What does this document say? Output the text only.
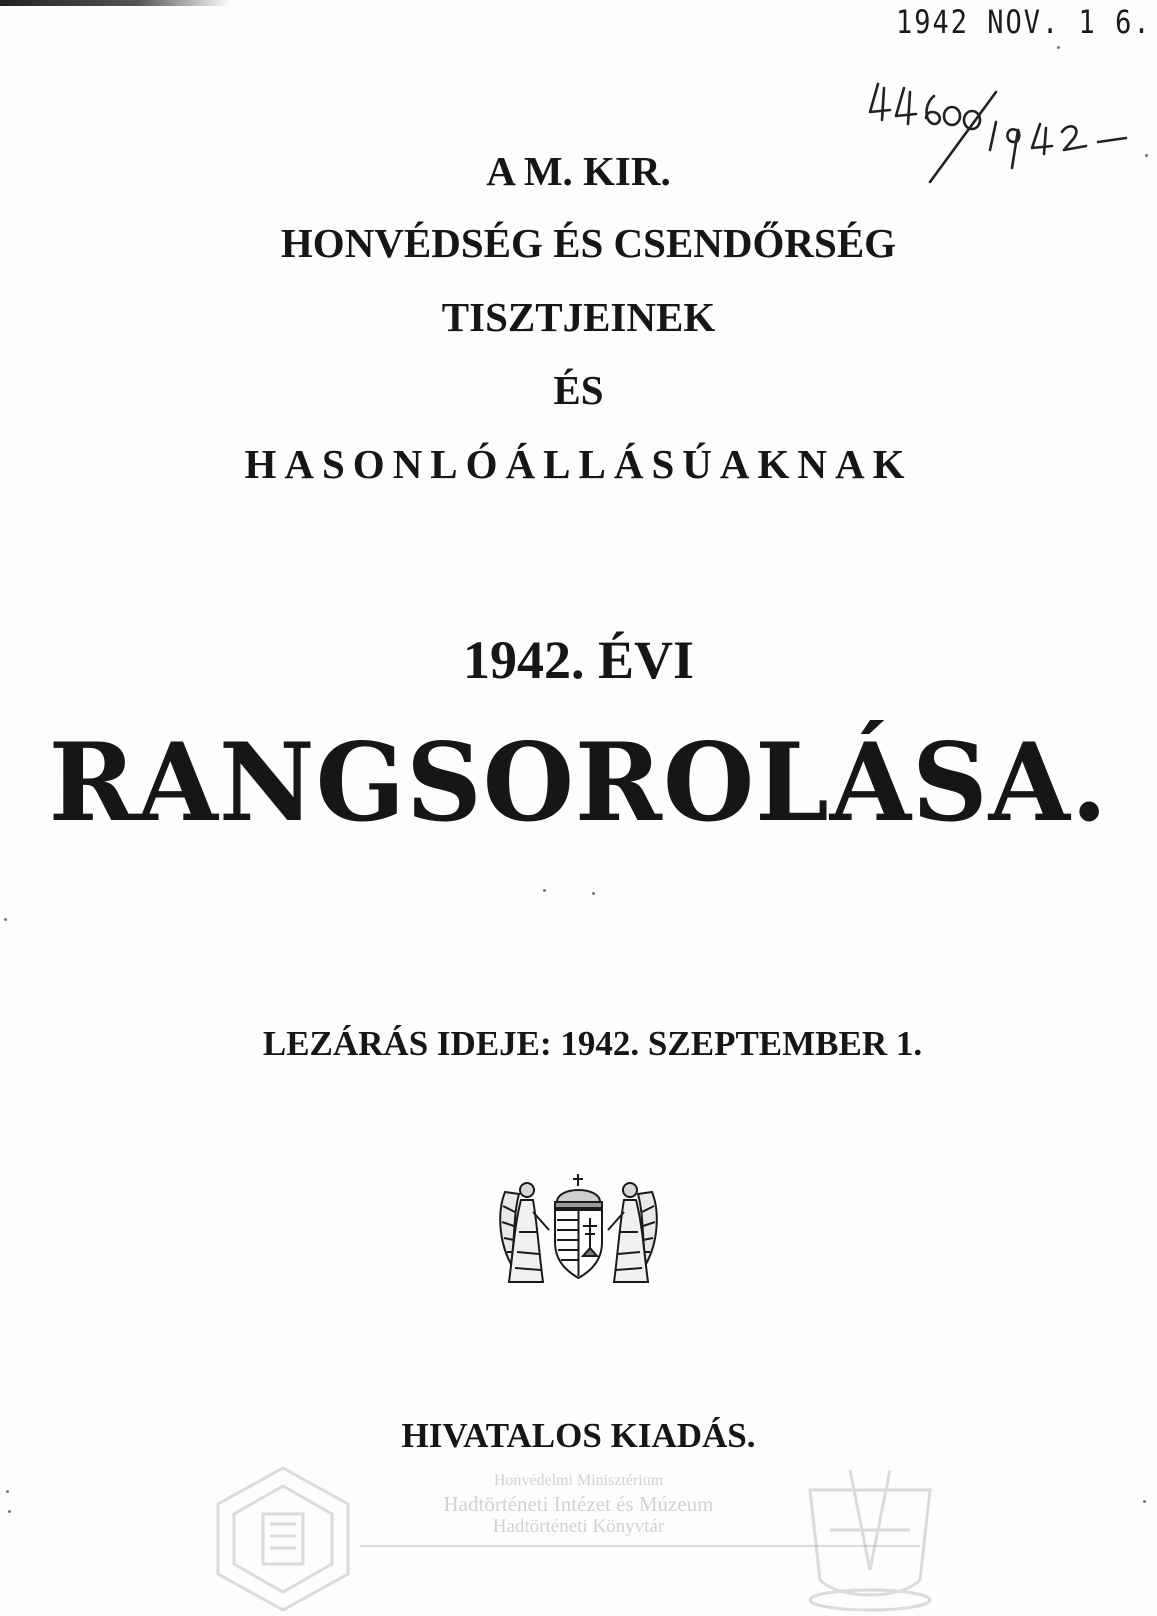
1942 NOV. 1 6.
A M. KIR.
HONVÉDSÉG ÉS CSENDŐRSÉG
TISZTJEINEK
ÉS
HASONLÓÁLLÁSÚAKNAK
1942. ÉVI
RANGSOROLÁSA.
LEZÁRÁS IDEJE: 1942. SZEPTEMBER 1.
HIVATALOS KIADÁS.
Honvédelmi Minisztérium
Hadtörténeti Intézet és Múzeum
Hadtörténeti Könyvtár
